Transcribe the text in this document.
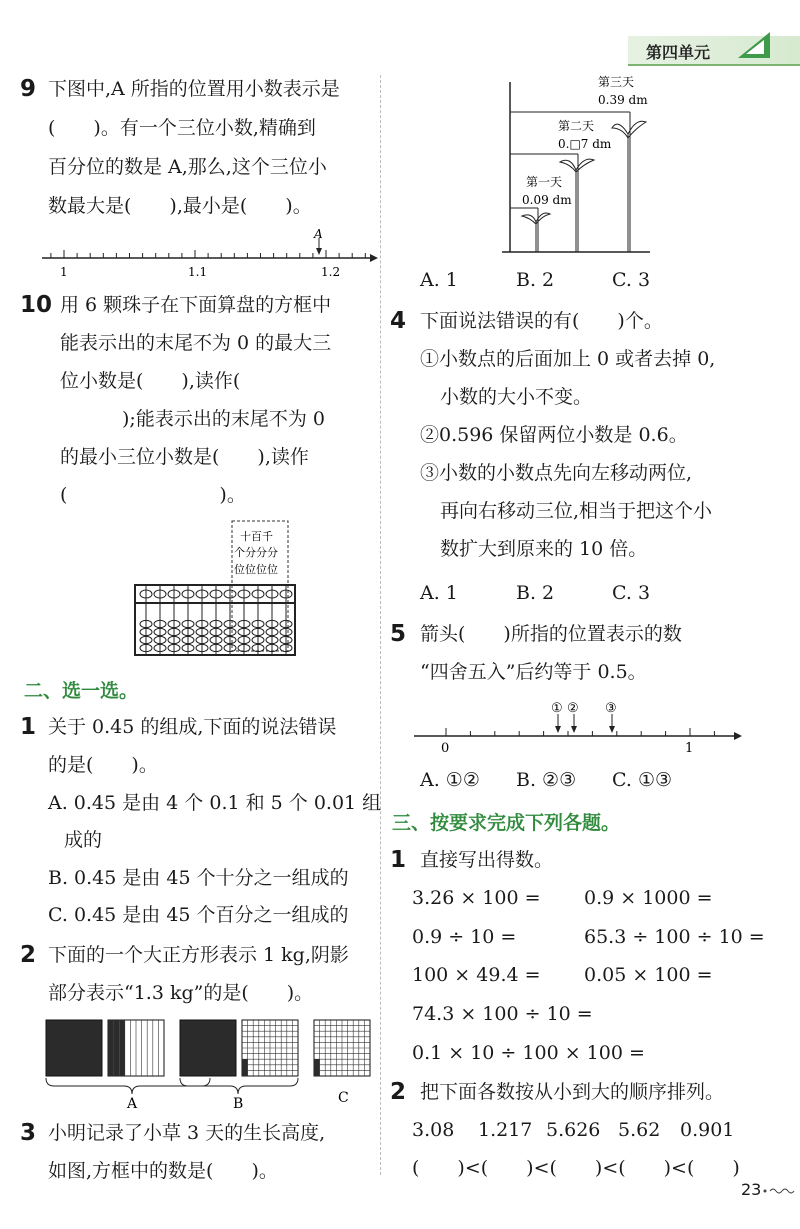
第四单元
9 下图中,A 所指的位置用小数表示是
(　　)。有一个三位小数,精确到
百分位的数是 A,那么,这个三位小
数最大是(　　),最小是(　　)。
A
1	1.1	1.2
10 用 6 颗珠子在下面算盘的方框中
能表示出的末尾不为 0 的最大三
位小数是(　　),读作(
);能表示出的末尾不为 0
的最小三位小数是(　　),读作
(　　　　　　　　)。
十百千
个分分分
位位位位
二、选一选。
1 关于 0.45 的组成,下面的说法错误
的是(　　)。
A. 0.45 是由 4 个 0.1 和 5 个 0.01 组
成的
B. 0.45 是由 45 个十分之一组成的
C. 0.45 是由 45 个百分之一组成的
2 下面的一个大正方形表示 1 kg,阴影
部分表示“1.3 kg”的是(　　)。
A	B	C
3 小明记录了小草 3 天的生长高度,
如图,方框中的数是(　　)。
第三天
0.39 dm
第二天
0.□7 dm
第一天
0.09 dm
A. 1	B. 2	C. 3
4 下面说法错误的有(　　)个。
①小数点的后面加上 0 或者去掉 0,
小数的大小不变。
②0.596 保留两位小数是 0.6。
③小数的小数点先向左移动两位,
再向右移动三位,相当于把这个小
数扩大到原来的 10 倍。
A. 1	B. 2	C. 3
5 箭头(　　)所指的位置表示的数
“四舍五入”后约等于 0.5。
① ② ③
0	1
A. ①② B. ②③ C. ①③
三、按要求完成下列各题。
1 直接写出得数。
3.26 × 100 = 0.9 × 1000 =
0.9 ÷ 10 =	65.3 ÷ 100 ÷ 10 =
100 × 49.4 = 0.05 × 100 =
74.3 × 100 ÷ 10 =
0.1 × 10 ÷ 100 × 100 =
2 把下面各数按从小到大的顺序排列。
3.08 1.217 5.626 5.62 0.901
(　　)<(　　)<(　　)<(　　)<(　　)
23
